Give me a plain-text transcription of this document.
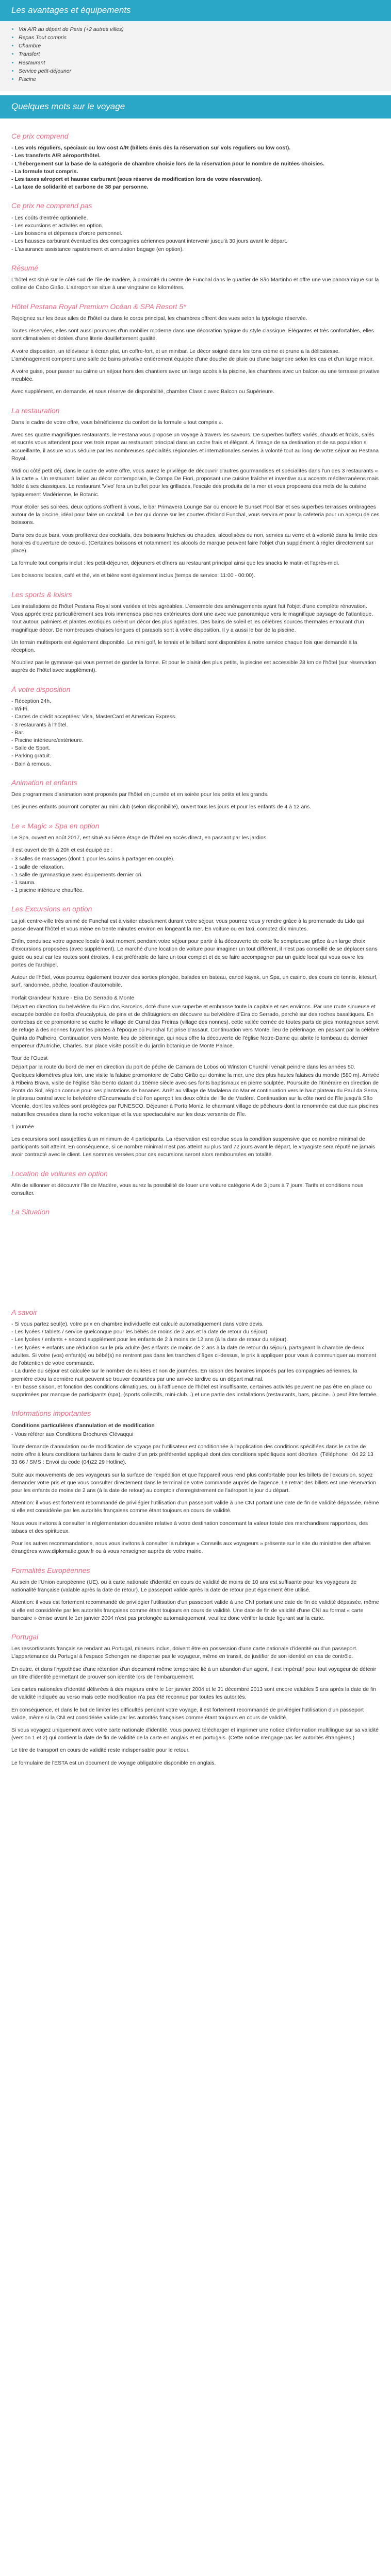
Les avantages et équipements
• Vol A/R au départ de Paris (+2 autres villes)
• Repas Tout compris
• Chambre
• Transfert
• Restaurant
• Service petit-déjeuner
• Piscine
Quelques mots sur le voyage
Ce prix comprend
- Les vols réguliers, spéciaux ou low cost A/R (billets émis dès la réservation sur vols réguliers ou low cost).
- Les transferts A/R aéroport/hôtel.
- L'hébergement sur la base de la catégorie de chambre choisie lors de la réservation pour le nombre de nuitées choisies.
- La formule tout compris.
- Les taxes aéroport et hausse carburant (sous réserve de modification lors de votre réservation).
- La taxe de solidarité et carbone de 38 par personne.
Ce prix ne comprend pas
- Les coûts d'entrée optionnelle.
- Les excursions et activités en option.
- Les boissons et dépenses d'ordre personnel.
- Les hausses carburant éventuelles des compagnies aériennes pouvant intervenir jusqu'à 30 jours avant le départ.
- L'assurance assistance rapatriement et annulation bagage (en option).
Résumé

L'hôtel est situé sur le côté sud de l'île de madère, à proximité du centre de Funchal dans le quartier de São Martinho et offre une vue panoramique sur la colline de Cabo Girão. L'aéroport se situe à une vingtaine de kilomètres.

Hôtel Pestana Royal Premium Océan & SPA Resort 5*

Rejoignez sur les deux ailes de l'hôtel ou dans le corps principal, les chambres offrent des vues selon la typologie réservée.

Toutes réservées, elles sont aussi pourvues d'un mobilier moderne dans une décoration typique du style classique. Élégantes et très confortables, elles sont climatisées et dotées d'une literie douillettement qualité.

A votre disposition, un téléviseur à écran plat, un coffre-fort, et un minibar. Le décor soigné dans les tons crème et prune a la délicatesse. L'aménagement comprend une salle de bains privative entièrement équipée d'une douche de pluie ou d'une baignoire selon les cas et d'un large miroir.

A votre guise, pour passer au calme un séjour hors des chantiers avec un large accès à la piscine, les chambres avec un balcon ou une terrasse privative meublée.

Avec supplément, en demande, et sous réserve de disponibilité, chambre Classic avec Balcon ou Supérieure.

La restauration

Dans le cadre de votre offre, vous bénéficierez du confort de la formule « tout compris ».

Avec ses quatre magnifiques restaurants, le Pestana vous propose un voyage à travers les saveurs. De superbes buffets variés, chauds et froids, salés et sucrés vous attendent pour vos trois repas au restaurant principal dans un cadre frais et élégant. À l'image de sa destination et de sa population si accueillante, il assure vous séduire par les nombreuses spécialités régionales et internationales servies à volonté tout au long de votre séjour au Pestana Royal.

Midi ou côté petit déj, dans le cadre de votre offre, vous aurez le privilège de découvrir d'autres gourmandises et spécialités dans l'un des 3 restaurants « à la carte ». Un restaurant italien au décor contemporain, le Compa De Fiori, proposant une cuisine fraîche et inventive aux accents méditerranéens mais fidèle à ses classiques. Le restaurant 'Vivo' fera un buffet pour les grillades, l'escale des produits de la mer et vous proposera des mets de la cuisine typiquement Madérienne, le Botanic.

Pour étoiler ses soirées, deux options s'offrent à vous, le bar Primavera Lounge Bar ou encore le Sunset Pool Bar et ses superbes terrasses ombragées autour de la piscine, idéal pour faire un cocktail. Le bar qui donne sur les courtes d'Island Funchal, vous servira et pour la cafeteria pour un aperçu de ces boissons.

Dans ces deux bars, vous profiterez des cocktails, des boissons fraîches ou chaudes, alcoolisées ou non, servies au verre et à volonté dans la limite des horaires d'ouverture de ceux-ci. (Certaines boissons et notamment les alcools de marque peuvent faire l'objet d'un supplément à régler directement sur place).

La formule tout compris inclut : les petit-déjeuner, déjeuners et dîners au restaurant principal ainsi que les snacks le matin et l'après-midi.

Les boissons locales, café et thé, vin et bière sont également inclus (temps de service: 11:00 - 00:00).

Les sports & loisirs

Les installations de l'hôtel Pestana Royal sont variées et très agréables. L'ensemble des aménagements ayant fait l'objet d'une complète rénovation. Vous apprécierez particulièrement ses trois immenses piscines extérieures dont une avec vue panoramique vers le magnifique paysage de l'atlantique. Tout autour, palmiers et plantes exotiques créent un décor des plus agréables. Des bains de soleil et les célèbres sources thermales entourant d'un magnifique décor. De nombreuses chaises longues et parasols sont à votre disposition. Il y a aussi le bar de la piscine.

Un terrain multisports est également disponible. Le mini golf, le tennis et le billard sont disponibles à notre service chaque fois que demandé à la réception.

N'oubliez pas le gymnase qui vous permet de garder la forme. Et pour le plaisir des plus petits, la piscine est accessible 28 km de l'hôtel (sur réservation auprès de l'hôtel avec supplément).

À votre disposition
- Réception 24h.
- Wi-Fi.
- Cartes de crédit acceptées: Visa, MasterCard et American Express.
- 3 restaurants à l'hôtel.
- Bar.
- Piscine intérieure/extérieure.
- Salle de Sport.
- Parking gratuit.
- Bain à remous.
Animation et enfants

Des programmes d'animation sont proposés par l'hôtel en journée et en soirée pour les petits et les grands.

Les jeunes enfants pourront compter au mini club (selon disponibilité), ouvert tous les jours et pour les enfants de 4 à 12 ans.

Le « Magic » Spa en option

Le Spa, ouvert en août 2017, est situé au 5ème étage de l'hôtel en accès direct, en passant par les jardins.

Il est ouvert de 9h à 20h et est équipé de :

- 3 salles de massages (dont 1 pour les soins à partager en couple).
- 1 salle de relaxation.
- 1 salle de gymnastique avec équipements dernier cri.
- 1 sauna.
- 1 piscine intérieure chauffée.
Les Excursions en option

La joli centre-ville très animé de Funchal est à visiter absolument durant votre séjour, vous pourrez vous y rendre grâce à la promenade du Lido qui passe devant l'hôtel et vous mène en trente minutes environ en longeant la mer. En voiture ou en taxi, comptez dix minutes.

Enfin, conduisez votre agence locale à tout moment pendant votre séjour pour partir à la découverte de cette île somptueuse grâce à un large choix d'excursions proposées (avec supplément). Le marché d'une location de voiture pour imaginer un tout différent, il n'est pas conseillé de se déplacer sans guide ou seul car les routes sont étroites, il est préférable de faire un tour complet et de se faire accompagner par un guide local qui vous ouvre les portes de l'archipel.

Autour de l'hôtel, vous pourrez également trouver des sorties plongée, balades en bateau, canoé kayak, un Spa, un casino, des cours de tennis, kitesurf, surf, randonnée, pêche, location d'automobile.

Forfait Grandeur Nature - Eira Do Serrado & Monte

Départ en direction du belvédère du Pico dos Barcelos, doté d'une vue superbe et embrasse toute la capitale et ses environs. Par une route sinueuse et escarpée bordée de forêts d'eucalyptus, de pins et de châtaigniers en découvre au belvédère d'Eira do Serrado, perché sur des roches basaltiques. En contrebas de ce promontoire se cache le village de Curral das Freiras (village des nonnes), cette vallée cernée de toutes parts de pics montagneux servit de refuge à des nonnes fuyant les pirates à l'époque où Funchal fut prise d'assaut. Continuation vers Monte, lieu de pèlerinage, en passant par la célèbre Quinta do Palheiro. Continuation vers Monte, lieu de pèlerinage, qui nous offre la découverte de l'église Notre-Dame qui abrite le tombeau du dernier empereur d'Autriche, Charles. Sur place visite possible du jardin botanique de Monte Palace.

Tour de l'Ouest

Départ par la route du bord de mer en direction du port de pêche de Camara de Lobos où Winston Churchill venait peindre dans les années 50. Quelques kilomètres plus loin, une visite la falaise promontoire de Cabo Girão qui domine la mer, une des plus hautes falaises du monde (580 m). Arrivée à Ribeira Brava, visite de l'église São Bento datant du 16ème siècle avec ses fonts baptismaux en pierre sculptée. Poursuite de l'itinéraire en direction de Ponta do Sol, région connue pour ses plantations de bananes. Arrêt au village de Madalena do Mar et continuation vers le haut plateau du Paul da Serra, le plateau central avec le belvédère d'Encumeada d'où l'on aperçoit les deux côtés de l'île de Madère. Continuation sur la côte nord de l'île jusqu'à São Vicente, dont les vallées sont protégées par l'UNESCO. Déjeuner à Porto Moniz, le charmant village de pêcheurs dont la renommée est due aux piscines naturelles creusées dans la roche volcanique et la vue spectaculaire sur les deux versants de l'île.

1 journée

Les excursions sont assujetties à un minimum de 4 participants. La réservation est conclue sous la condition suspensive que ce nombre minimal de participants soit atteint. En conséquence, si ce nombre minimal n'est pas atteint au plus tard 72 jours avant le départ, le voyagiste sera réputé ne jamais avoir contracté avec le client. Les sommes versées pour ces excursions seront alors remboursées en totalité.

Location de voitures en option

Afin de sillonner et découvrir l'île de Madère, vous aurez la possibilité de louer une voiture catégorie A de 3 jours à 7 jours. Tarifs et conditions nous consulter.

La Situation
A savoir
- Si vous partez seul(e), votre prix en chambre individuelle est calculé automatiquement dans votre devis.
- Les lycées / tablets / service quelconque pour les bébés de moins de 2 ans et la date de retour du séjour).
- Les lycées / enfants + second supplément pour les enfants de 2 à moins de 12 ans (à la date de retour du séjour).
- Les lycées + enfants une réduction sur le prix adulte (les enfants de moins de 2 ans à la date de retour du séjour), partageant la chambre de deux adultes. Si votre (vos) enfant(s) ou bébé(s) ne rentrent pas dans les tranches d'âges ci-dessus, le prix à appliquer pour vous à communiquer au moment de l'obtention de votre commande.
- La durée du séjour est calculée sur le nombre de nuitées et non de journées. En raison des horaires imposés par les compagnies aériennes, la première et/ou la dernière nuit peuvent se trouver écourtées par une arrivée tardive ou un départ matinal.
- En basse saison, et fonction des conditions climatiques, ou à l'affluence de l'hôtel est insuffisante, certaines activités peuvent ne pas être en place ou supprimées par manque de participants (spa), (sports collectifs, mini-club...) et une partie des installations (restaurants, bars, piscine...) peut être fermée.
Informations importantes

Conditions particulières d'annulation et de modification

- Vous référer aux Conditions Brochures Clévaqqui

Toute demande d'annulation ou de modification de voyage par l'utilisateur est conditionnée à l'application des conditions spécifiées dans le cadre de notre offre à leurs conditions tarifaires dans le cadre d'un prix préférentiel appliqué dont des conditions spécifiques sont décrites. (Téléphone : 04 22 13 33 66 / SMS : Envoi du code (04)22 29 Hotline).

Suite aux mouvements de ces voyageurs sur la surface de l'expédition et que l'appareil vous rend plus confortable pour les billets de l'excursion, soyez demander votre pris et que vous consulter directement dans le terminal de votre commande auprès de l'agence. Le retrait des billets est une réservation pour les enfants de moins de 2 ans (à la date de retour) au comptoir d'enregistrement de l'aéroport le jour du départ.

Attention: il vous est fortement recommandé de privilégier l'utilisation d'un passeport valide à une CNI portant une date de fin de validité dépassée, même si elle est considérée par les autorités françaises comme étant toujours en cours de validité.

Nous vous invitons à consulter la réglementation douanière relative à votre destination concernant la valeur totale des marchandises rapportées, des tabacs et des spiritueux.

Pour les autres recommandations, nous vous invitons à consulter la rubrique « Conseils aux voyageurs » présente sur le site du ministère des affaires étrangères www.diplomatie.gouv.fr ou à vous renseigner auprès de votre mairie.

Formalités Européennes

Au sein de l'Union européenne (UE), ou à carte nationale d'identité en cours de validité de moins de 10 ans est suffisante pour les voyageurs de nationalité française (valable après la date de retour). Le passeport valide après la date de retour peut également être utilisé.

Attention: il vous est fortement recommandé de privilégier l'utilisation d'un passeport valide à une CNI portant une date de fin de validité dépassée, même si elle est considérée par les autorités françaises comme étant toujours en cours de validité. Une date de fin de validité d'une CNI au format « carte bancaire » émise avant le 1er janvier 2004 n'est pas prolongée automatiquement, veuillez donc vérifier la date figurant sur la carte.

Portugal

Les ressortissants français se rendant au Portugal, mineurs inclus, doivent être en possession d'une carte nationale d'identité ou d'un passeport. L'appartenance du Portugal à l'espace Schengen ne dispense pas le voyageur, même en transit, de justifier de son identité en cas de contrôle.

En outre, et dans l'hypothèse d'une rétention d'un document même temporaire lié à un abandon d'un agent, il est impératif pour tout voyageur de détenir un titre d'identité permettant de prouver son identité lors de l'embarquement.

Les cartes nationales d'identité délivrées à des majeurs entre le 1er janvier 2004 et le 31 décembre 2013 sont encore valables 5 ans après la date de fin de validité indiquée au verso mais cette modification n'a pas été reconnue par toutes les autorités.

En conséquence, et dans le but de limiter les difficultés pendant votre voyage, il est fortement recommandé de privilégier l'utilisation d'un passeport valide, même si la CNI est considérée valide par les autorités françaises comme étant toujours en cours de validité.

Si vous voyagez uniquement avec votre carte nationale d'identité, vous pouvez télécharger et imprimer une notice d'information multilingue sur sa validité (version 1 et 2) qui contient la date de fin de validité de la carte en anglais et en portugais. (Cette notice n'engage pas les autorités étrangères.)

Le titre de transport en cours de validité reste indispensable pour le retour.

Le formulaire de l'ESTA est un document de voyage obligatoire disponible en anglais.
